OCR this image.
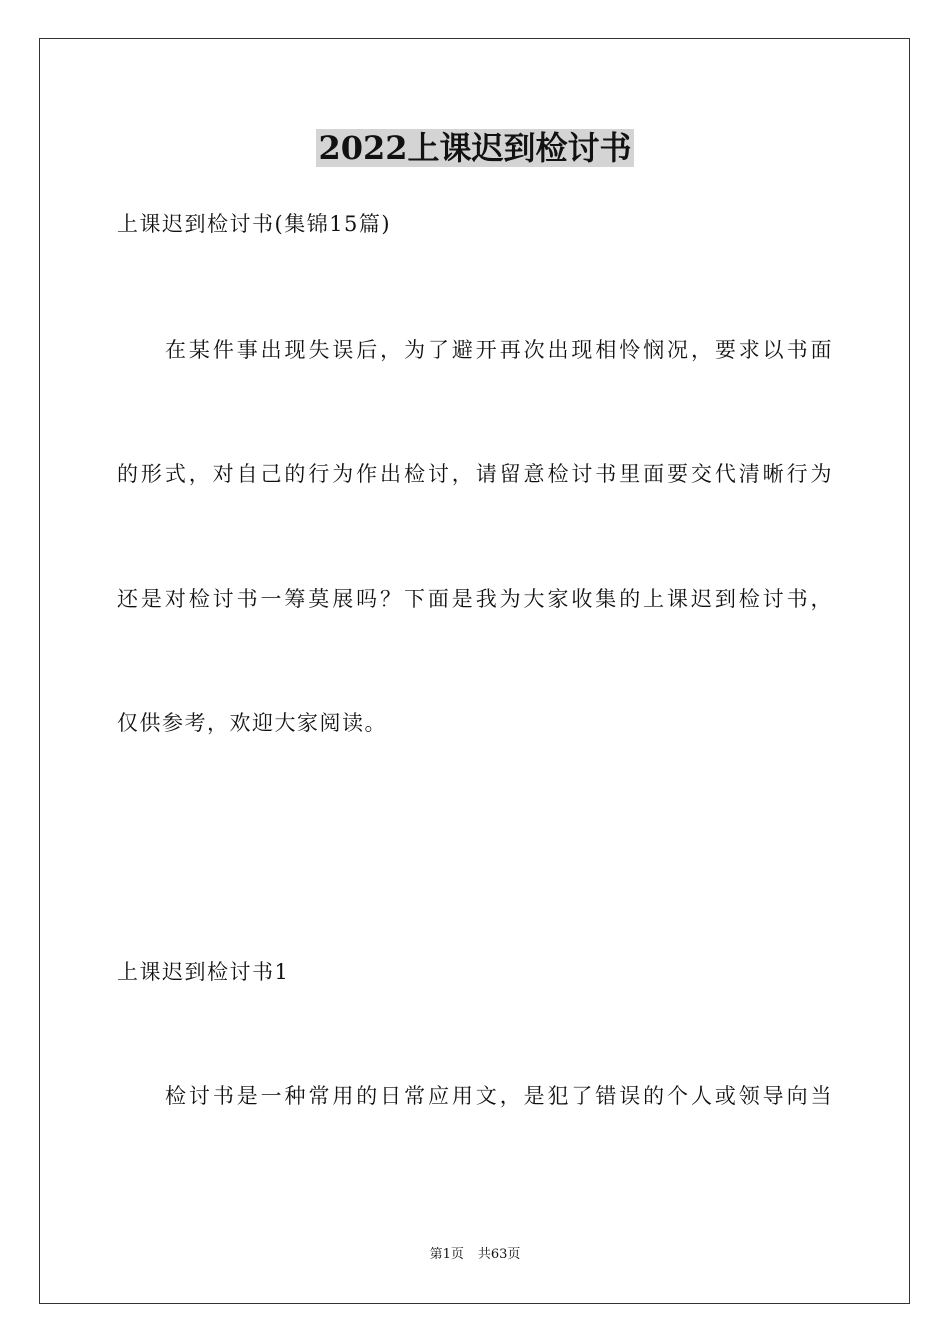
2022上课迟到检讨书
上课迟到检讨书(集锦15篇)
在某件事出现失误后，为了避开再次出现相怜悯况，要求以书面
的形式，对自己的行为作出检讨，请留意检讨书里面要交代清晰行为
还是对检讨书一筹莫展吗？下面是我为大家收集的上课迟到检讨书，
仅供参考，欢迎大家阅读。
上课迟到检讨书1
检讨书是一种常用的日常应用文，是犯了错误的个人或领导向当
第1页 共63页
